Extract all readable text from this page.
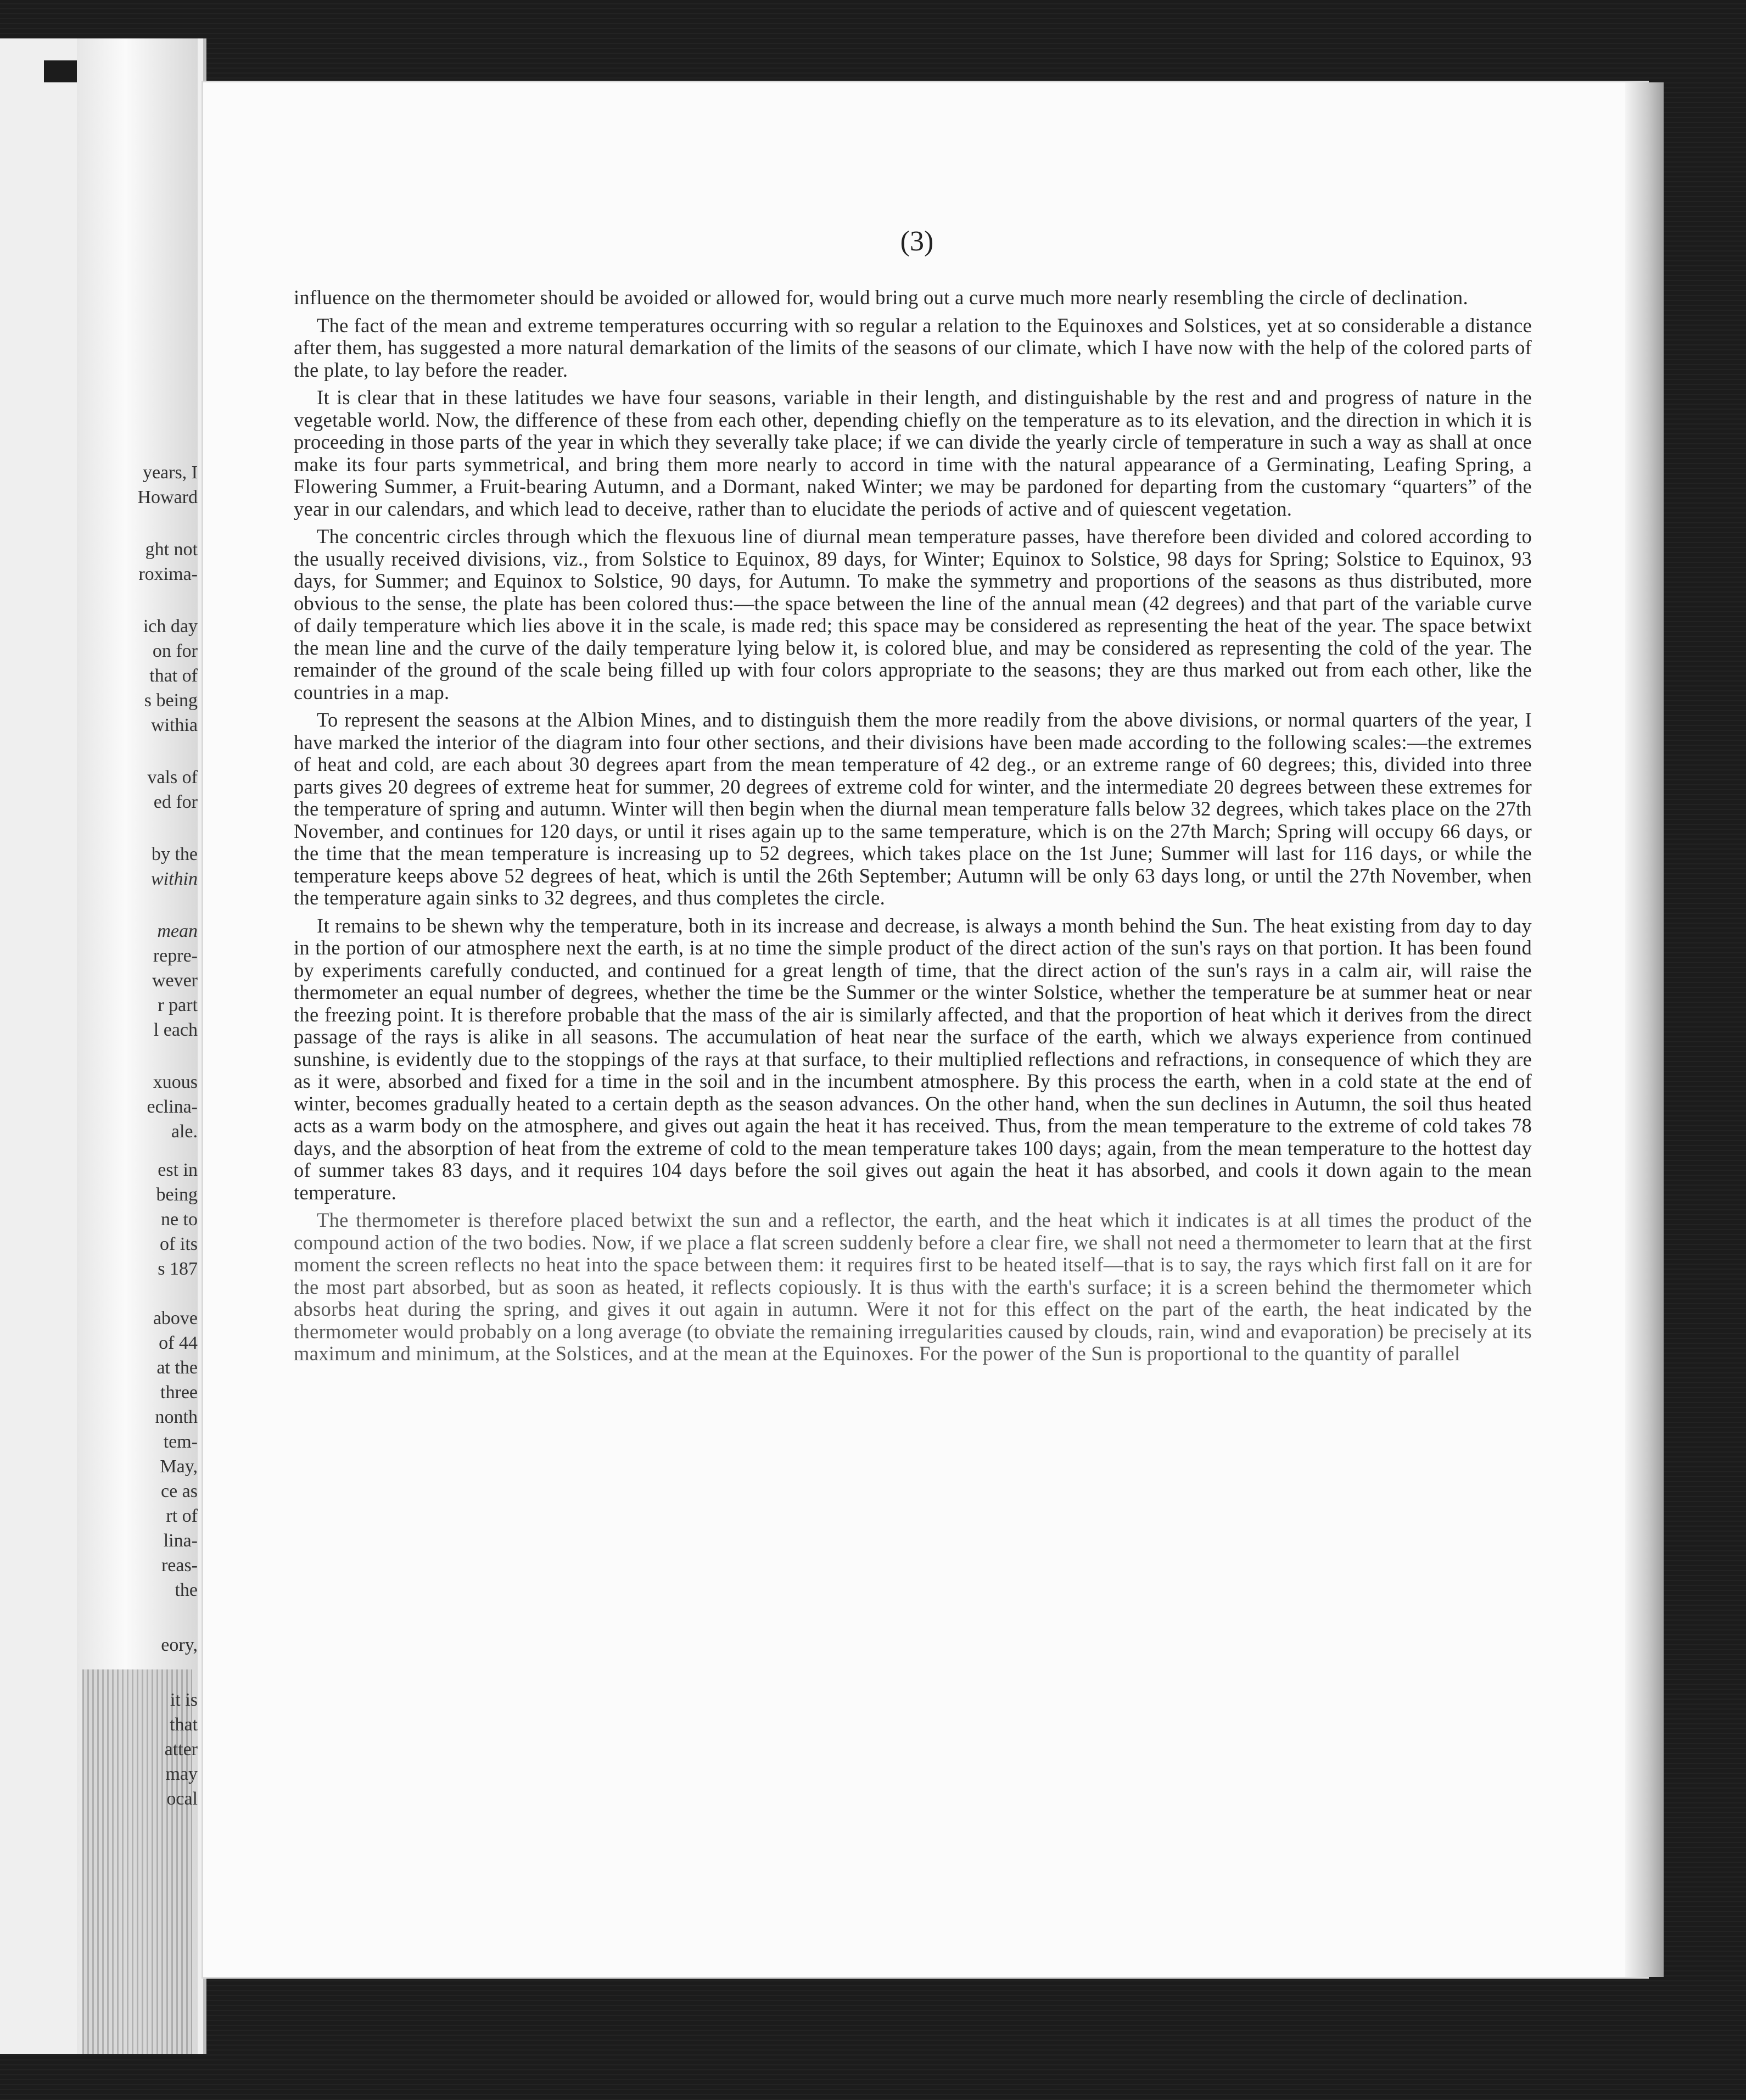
years, I
Howard
ght not
roxima-
ich day
on for
that of
s being
withia
vals of
ed for
by the
within
mean
repre-
wever
r part
l each
xuous
eclina-
ale.
est in
being
ne to
of its
s 187
above
of 44
at the
three
nonth
tem-
May,
ce as
rt of
lina-
reas-
the
eory,
it is
that
atter
may
ocal
(3)

influence on the thermometer should be avoided or allowed for, would bring out a curve much more nearly resembling the circle of declination.

The fact of the mean and extreme temperatures occurring with so regular a relation to the Equinoxes and Solstices, yet at so considerable a distance after them, has suggested a more natural demarkation of the limits of the seasons of our climate, which I have now with the help of the colored parts of the plate, to lay before the reader.

It is clear that in these latitudes we have four seasons, variable in their length, and distinguishable by the rest and and progress of nature in the vegetable world. Now, the difference of these from each other, depending chiefly on the temperature as to its elevation, and the direction in which it is proceeding in those parts of the year in which they severally take place; if we can divide the yearly circle of temperature in such a way as shall at once make its four parts symmetrical, and bring them more nearly to accord in time with the natural appearance of a Germinating, Leafing Spring, a Flowering Summer, a Fruit-bearing Autumn, and a Dormant, naked Winter; we may be pardoned for departing from the customary “quarters” of the year in our calendars, and which lead to deceive, rather than to elucidate the periods of active and of quiescent vegetation.

The concentric circles through which the flexuous line of diurnal mean temperature passes, have therefore been divided and colored according to the usually received divisions, viz., from Solstice to Equinox, 89 days, for Winter; Equinox to Solstice, 98 days for Spring; Solstice to Equinox, 93 days, for Summer; and Equinox to Solstice, 90 days, for Autumn. To make the symmetry and proportions of the seasons as thus distributed, more obvious to the sense, the plate has been colored thus:—the space between the line of the annual mean (42 degrees) and that part of the variable curve of daily temperature which lies above it in the scale, is made red; this space may be considered as representing the heat of the year. The space betwixt the mean line and the curve of the daily temperature lying below it, is colored blue, and may be considered as representing the cold of the year. The remainder of the ground of the scale being filled up with four colors appropriate to the seasons; they are thus marked out from each other, like the countries in a map.

To represent the seasons at the Albion Mines, and to distinguish them the more readily from the above divisions, or normal quarters of the year, I have marked the interior of the diagram into four other sections, and their divisions have been made according to the following scales:—the extremes of heat and cold, are each about 30 degrees apart from the mean temperature of 42 deg., or an extreme range of 60 degrees; this, divided into three parts gives 20 degrees of extreme heat for summer, 20 degrees of extreme cold for winter, and the intermediate 20 degrees between these extremes for the temperature of spring and autumn. Winter will then begin when the diurnal mean temperature falls below 32 degrees, which takes place on the 27th November, and continues for 120 days, or until it rises again up to the same temperature, which is on the 27th March; Spring will occupy 66 days, or the time that the mean temperature is increasing up to 52 degrees, which takes place on the 1st June; Summer will last for 116 days, or while the temperature keeps above 52 degrees of heat, which is until the 26th September; Autumn will be only 63 days long, or until the 27th November, when the temperature again sinks to 32 degrees, and thus completes the circle.

It remains to be shewn why the temperature, both in its increase and decrease, is always a month behind the Sun. The heat existing from day to day in the portion of our atmosphere next the earth, is at no time the simple product of the direct action of the sun's rays on that portion. It has been found by experiments carefully conducted, and continued for a great length of time, that the direct action of the sun's rays in a calm air, will raise the thermometer an equal number of degrees, whether the time be the Summer or the winter Solstice, whether the temperature be at summer heat or near the freezing point. It is therefore probable that the mass of the air is similarly affected, and that the proportion of heat which it derives from the direct passage of the rays is alike in all seasons. The accumulation of heat near the surface of the earth, which we always experience from continued sunshine, is evidently due to the stoppings of the rays at that surface, to their multiplied reflections and refractions, in consequence of which they are as it were, absorbed and fixed for a time in the soil and in the incumbent atmosphere. By this process the earth, when in a cold state at the end of winter, becomes gradually heated to a certain depth as the season advances. On the other hand, when the sun declines in Autumn, the soil thus heated acts as a warm body on the atmosphere, and gives out again the heat it has received. Thus, from the mean temperature to the extreme of cold takes 78 days, and the absorption of heat from the extreme of cold to the mean temperature takes 100 days; again, from the mean temperature to the hottest day of summer takes 83 days, and it requires 104 days before the soil gives out again the heat it has absorbed, and cools it down again to the mean temperature.

The thermometer is therefore placed betwixt the sun and a reflector, the earth, and the heat which it indicates is at all times the product of the compound action of the two bodies. Now, if we place a flat screen suddenly before a clear fire, we shall not need a thermometer to learn that at the first moment the screen reflects no heat into the space between them: it requires first to be heated itself—that is to say, the rays which first fall on it are for the most part absorbed, but as soon as heated, it reflects copiously. It is thus with the earth's surface; it is a screen behind the thermometer which absorbs heat during the spring, and gives it out again in autumn. Were it not for this effect on the part of the earth, the heat indicated by the thermometer would probably on a long average (to obviate the remaining irregularities caused by clouds, rain, wind and evaporation) be precisely at its maximum and minimum, at the Solstices, and at the mean at the Equinoxes. For the power of the Sun is proportional to the quantity of parallel
